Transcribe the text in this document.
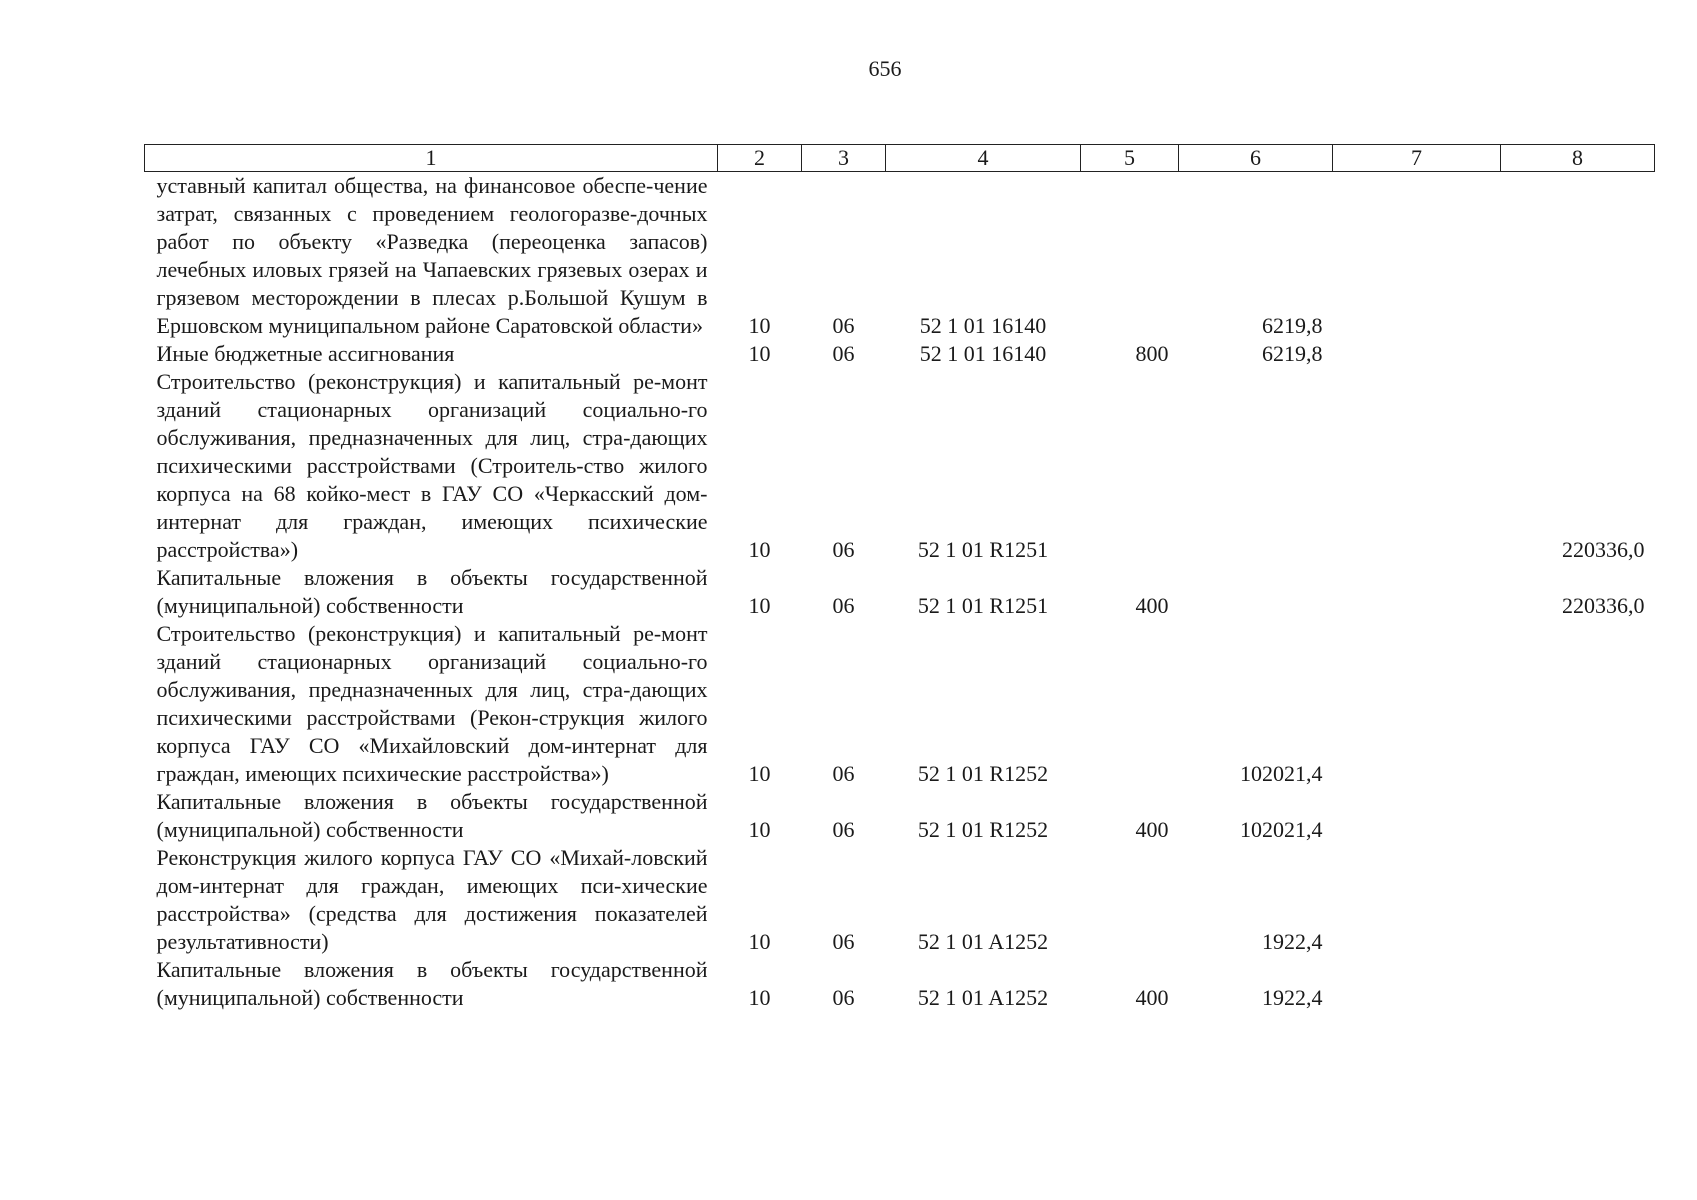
656
1	2	3	4	5	6	7	8
уставный капитал общества, на финансовое обеспе-чение затрат, связанных с проведением геологоразве-дочных работ по объекту «Разведка (переоценка запасов) лечебных иловых грязей на Чапаевских грязевых озерах и грязевом месторождении в плесах р.Большой Кушум в Ершовском муниципальном районе Саратовской области»	10	06	52 1 01 16140		6219,8		
Иные бюджетные ассигнования	10	06	52 1 01 16140	800	6219,8		
Строительство (реконструкция) и капитальный ре-монт зданий стационарных организаций социально-го обслуживания, предназначенных для лиц, стра-дающих психическими расстройствами (Строитель-ство жилого корпуса на 68 койко-мест в ГАУ СО «Черкасский дом-интернат для граждан, имеющих психические расстройства»)	10	06	52 1 01 R1251				220336,0
Капитальные вложения в объекты государственной (муниципальной) собственности	10	06	52 1 01 R1251	400			220336,0
Строительство (реконструкция) и капитальный ре-монт зданий стационарных организаций социально-го обслуживания, предназначенных для лиц, стра-дающих психическими расстройствами (Рекон-струкция жилого корпуса ГАУ СО «Михайловский дом-интернат для граждан, имеющих психические расстройства»)	10	06	52 1 01 R1252		102021,4		
Капитальные вложения в объекты государственной (муниципальной) собственности	10	06	52 1 01 R1252	400	102021,4		
Реконструкция жилого корпуса ГАУ СО «Михай-ловский дом-интернат для граждан, имеющих пси-хические расстройства» (средства для достижения показателей результативности)	10	06	52 1 01 A1252		1922,4		
Капитальные вложения в объекты государственной (муниципальной) собственности	10	06	52 1 01 A1252	400	1922,4		
